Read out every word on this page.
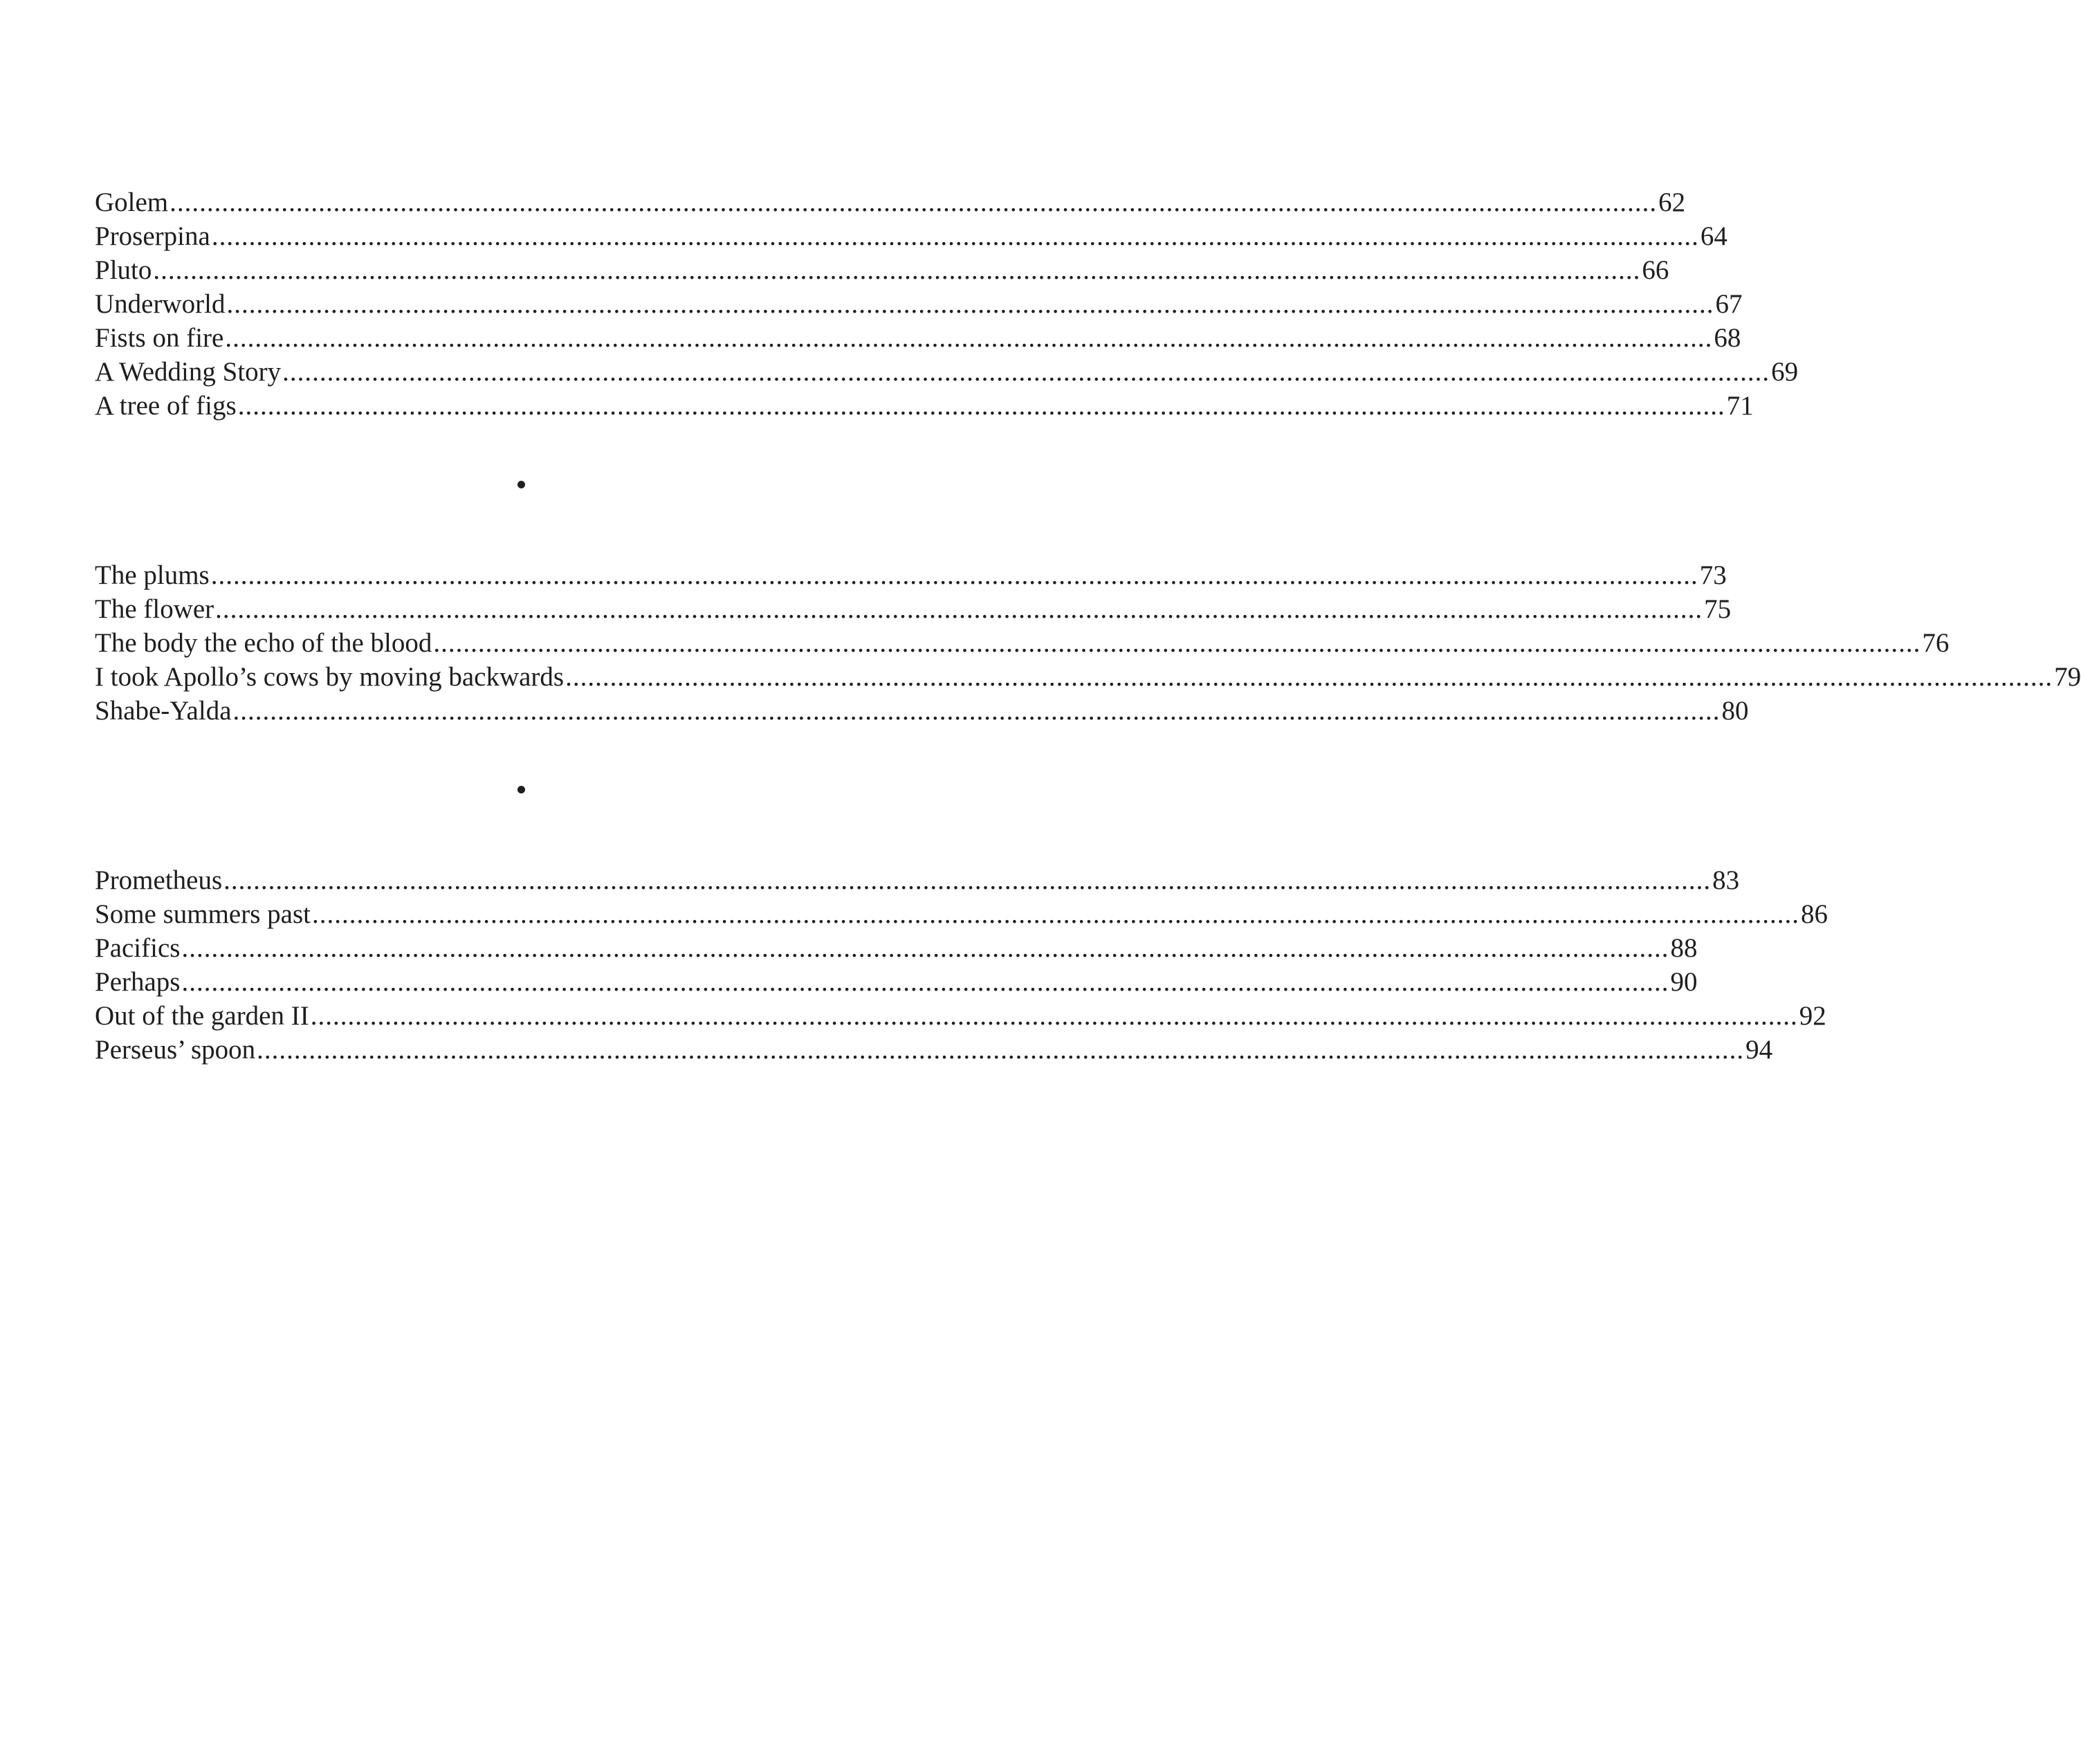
Golem ........................................................................................................................................................................................................ 62
Proserpina ........................................................................................................................................................................................................ 64
Pluto ........................................................................................................................................................................................................ 66
Underworld ........................................................................................................................................................................................................ 67
Fists on fire ........................................................................................................................................................................................................ 68
A Wedding Story ........................................................................................................................................................................................................ 69
A tree of figs ........................................................................................................................................................................................................ 71
The plums ........................................................................................................................................................................................................ 73
The flower ........................................................................................................................................................................................................ 75
The body the echo of the blood ........................................................................................................................................................................................................ 76
I took Apollo’s cows by moving backwards ........................................................................................................................................................................................................ 79
Shabe-Yalda ........................................................................................................................................................................................................ 80
Prometheus ........................................................................................................................................................................................................ 83
Some summers past ........................................................................................................................................................................................................ 86
Pacifics ........................................................................................................................................................................................................ 88
Perhaps ........................................................................................................................................................................................................ 90
Out of the garden II ........................................................................................................................................................................................................ 92
Perseus’ spoon ........................................................................................................................................................................................................ 94
